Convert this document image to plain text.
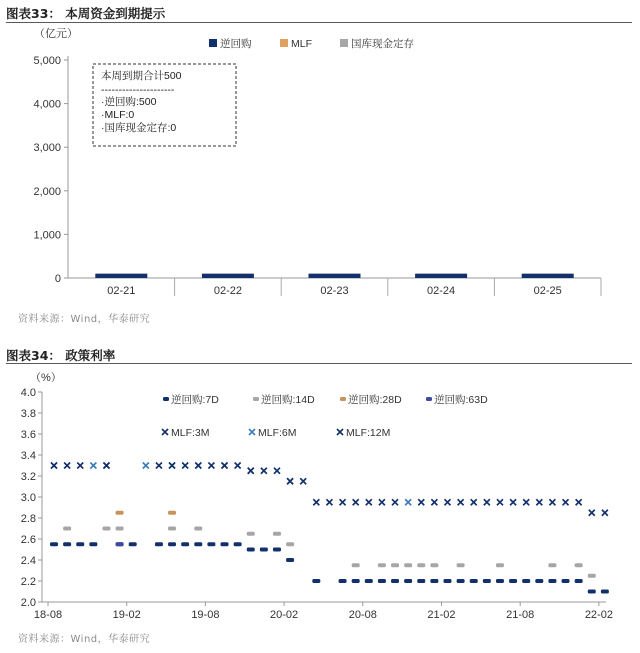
图表33： 本周资金到期提示
（亿元）
0
1,000
2,000
3,000
4,000
5,000
02-21	02-22	02-23	02-24	02-25
逆回购	MLF	国库现金定存
本周到期合计500
---------------------
·逆回购:500
·MLF:0
·国库现金定存:0
资料来源：Wind，华泰研究
图表34： 政策利率
（%）
2.0
2.2
2.4
2.6
2.8
3.0
3.2
3.4
3.6
3.8
4.0
18-08	19-02	19-08	20-02	20-08	21-02	21-08	22-02
逆回购:7D	逆回购:14D	逆回购:28D	逆回购:63D
MLF:3M	MLF:6M	MLF:12M
资料来源：Wind，华泰研究
